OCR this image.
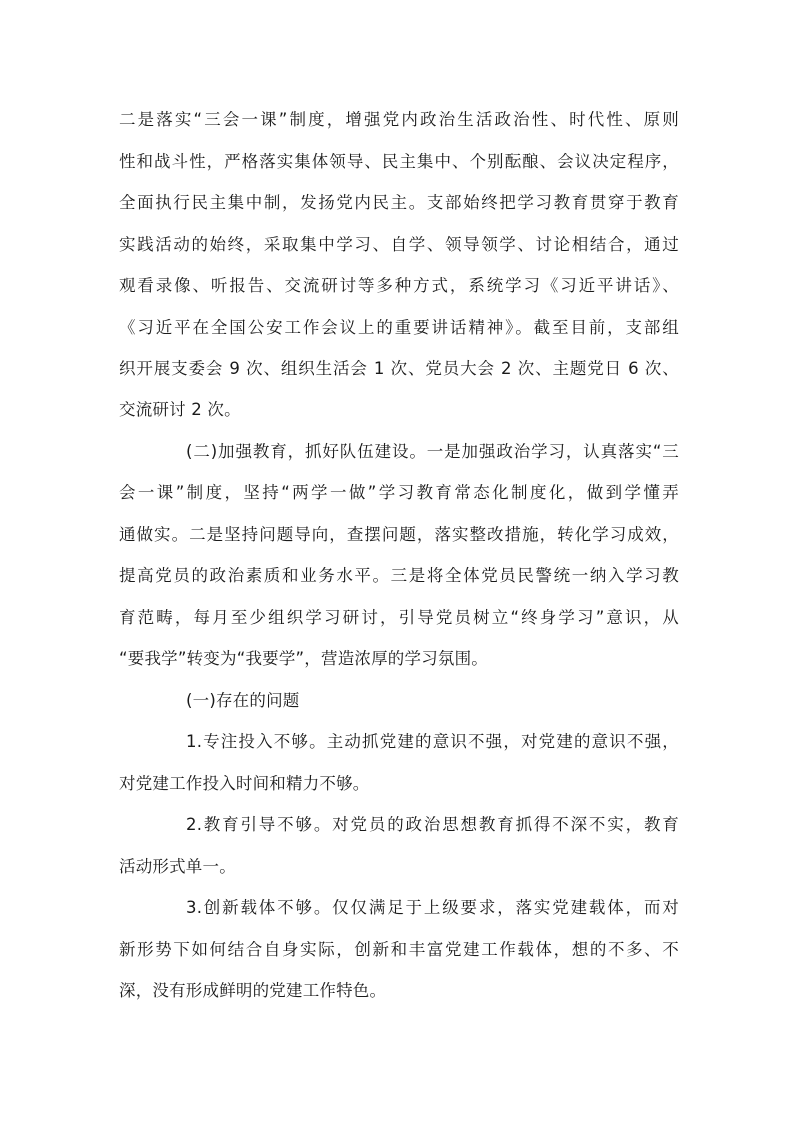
二是落实“三会一课”制度，增强党内政治生活政治性、时代性、原则
性和战斗性，严格落实集体领导、民主集中、个别酝酿、会议决定程序，
全面执行民主集中制，发扬党内民主。支部始终把学习教育贯穿于教育
实践活动的始终，采取集中学习、自学、领导领学、讨论相结合，通过
观看录像、听报告、交流研讨等多种方式，系统学习《习近平讲话》、
《习近平在全国公安工作会议上的重要讲话精神》。截至目前，支部组
织开展支委会 9 次、组织生活会 1 次、党员大会 2 次、主题党日 6 次、
交流研讨 2 次。
(二)加强教育，抓好队伍建设。一是加强政治学习，认真落实“三
会一课”制度，坚持“两学一做”学习教育常态化制度化，做到学懂弄
通做实。二是坚持问题导向，查摆问题，落实整改措施，转化学习成效，
提高党员的政治素质和业务水平。三是将全体党员民警统一纳入学习教
育范畴，每月至少组织学习研讨，引导党员树立“终身学习”意识，从
“要我学”转变为“我要学”，营造浓厚的学习氛围。
(一)存在的问题
1.专注投入不够。主动抓党建的意识不强，对党建的意识不强，
对党建工作投入时间和精力不够。
2.教育引导不够。对党员的政治思想教育抓得不深不实，教育
活动形式单一。
3.创新载体不够。仅仅满足于上级要求，落实党建载体，而对
新形势下如何结合自身实际，创新和丰富党建工作载体，想的不多、不
深，没有形成鲜明的党建工作特色。
